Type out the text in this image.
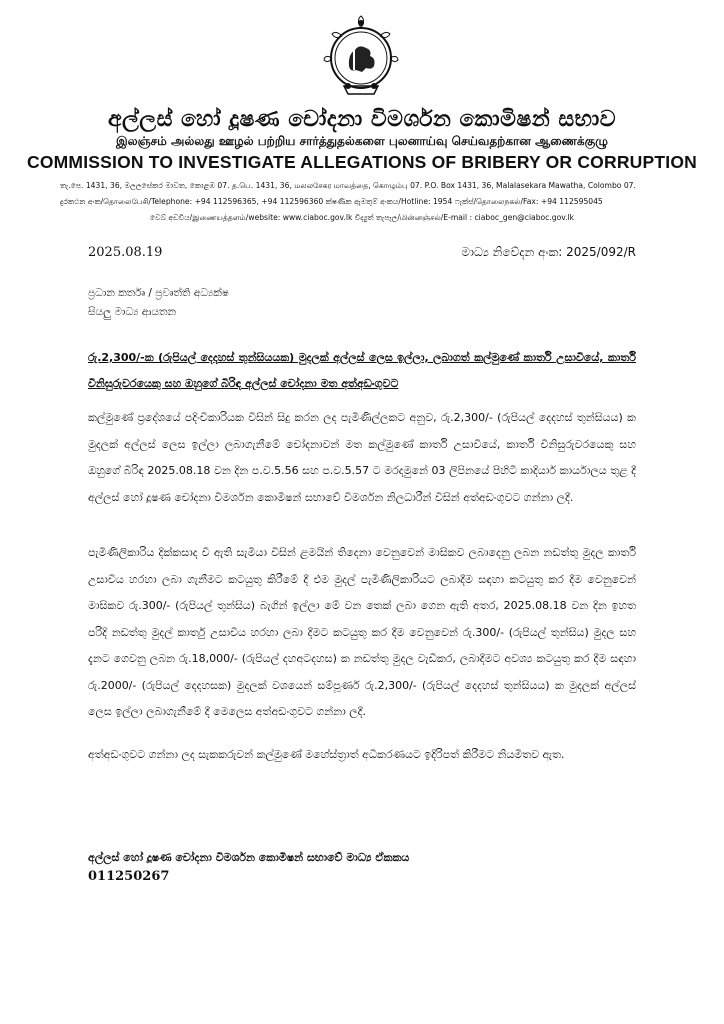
අල්ලස් හෝ දූෂණ චෝදනා විමර්ශන කොමිෂන් සභාව
இலஞ்சம் அல்லது ஊழல் பற்றிய சார்த்துதல்களை புலனாய்வு செய்வதற்கான ஆணைக்குழு
COMMISSION TO INVESTIGATE ALLEGATIONS OF BRIBERY OR CORRUPTION
තැ.පෙ. 1431, 36, මලලසේකර මාවත, කොළඹ 07. த.பெ. 1431, 36, மலலசேகர மாவத்தை, கொழும்பு 07. P.O. Box 1431, 36, Malalasekara Mawatha, Colombo 07.
දුරකථන අංක/தொலைபேசி/Telephone: +94 112596365, +94 112596360 ක්ෂණික ඇමතුම් අංකය/Hotline: 1954 ෆැක්ස්/தொலைநகல்/Fax: +94 112595045
වෙබ් අඩවිය/இணையத்தளம்/website: www.ciaboc.gov.lk විද්‍යුත් තැපෑල/மின்னஞ்சல்/E-mail : ciaboc_gen@ciaboc.gov.lk
2025.08.19	මාධ්‍ය නිවේදන අංක: 2025/092/R
ප්‍රධාන කර්තෘ / ප්‍රවෘත්ති අධ්‍යක්ෂ
සියලු මාධ්‍ය ආයතන
රු.2,300/-ක (රුපියල් දෙදහස් තුන්සියයක) මුදලක් අල්ලස් ලෙස ඉල්ලා, ලබාගත් කල්මුණේ කාර්ති උසාවියේ, කාර්ති විනිසුරුවරයෙකු සහ ඔහුගේ බිරිඳ අල්ලස් චෝදනා මත අත්අඩංගුවට

කල්මුණේ ප්‍රදේශයේ පදිංචිකාරියක විසින් සිදු කරන ලද පැමිණිල්ලකට අනුව, රු.2,300/- (රුපියල් දෙදහස් තුන්සියය) ක මුදලක් අල්ලස් ලෙස ඉල්ලා ලබාගැනීමේ චෝදනාවන් මත කල්මුණේ කාර්ති උසාවියේ, කාර්ති විනිසුරුවරයෙකු සහ ඔහුගේ බිරිඳ 2025.08.18 වන දින ප.ව.5.56 සහ ප.ව.5.57 ට මරදමුනේ 03 ලිපිනයේ පිහිටි කාදියාර් කාර්යාලය තුළ දී අල්ලස් හෝ දූෂණ චෝදනා විමර්ශන කොමිෂන් සභාවේ විමර්ශන නිලධාරීන් විසින් අත්අඩංගුවට ගන්නා ලදී.

පැමිණිලිකාරිය දික්කසාද වී ඇති සැමියා විසින් ළමයින් තිදෙනා වෙනුවෙන් මාසිකව ලබාදෙනු ලබන නඩත්තු මුදල කාර්ති උසාවිය හරහා ලබා ගැනීමට කටයුතු කිරීමේ දී එම මුදල් පැමිණිලිකාරියට ලබාදීම සඳහා කටයුතු කර දීම වෙනුවෙන් මාසිකව රු.300/- (රුපියල් තුන්සිය) බැගින් ඉල්ලා මේ වන තෙක් ලබා ගෙන ඇති අතර, 2025.08.18 වන දින ඉහත පරිදි නඩත්තු මුදල් කාර්තු උසාවිය හරහා ලබා දීමට කටයුතු කර දීම වෙනුවෙන් රු.300/- (රුපියල් තුන්සිය) මුදල සහ දැනට ගෙවනු ලබන රු.18,000/- (රුපියල් දහඅටදහස) ක නඩත්තු මුදල වැඩිකර, ලබාදීමට අවශ්‍ය කටයුතු කර දීම සඳහා රු.2000/- (රුපියල් දෙදහසක) මුදලක් වශයෙන් සම්පූර්ණ රු.2,300/- (රුපියල් දෙදහස් තුන්සියය) ක මුදලක් අල්ලස් ලෙස ඉල්ලා ලබාගැනීමේ දී මෙලෙස අත්අඩංගුවට ගන්නා ලදී.

අත්අඩංගුවට ගන්නා ලද සැකකරුවන් කල්මුණේ මහේස්ත්‍රාත් අධිකරණයට ඉදිරිපත් කිරීමට නියමිතව ඇත.

අල්ලස් හෝ දූෂණ චෝදනා විමර්ශන කොමිෂන් සභාවේ මාධ්‍ය ඒකකය
011250267
